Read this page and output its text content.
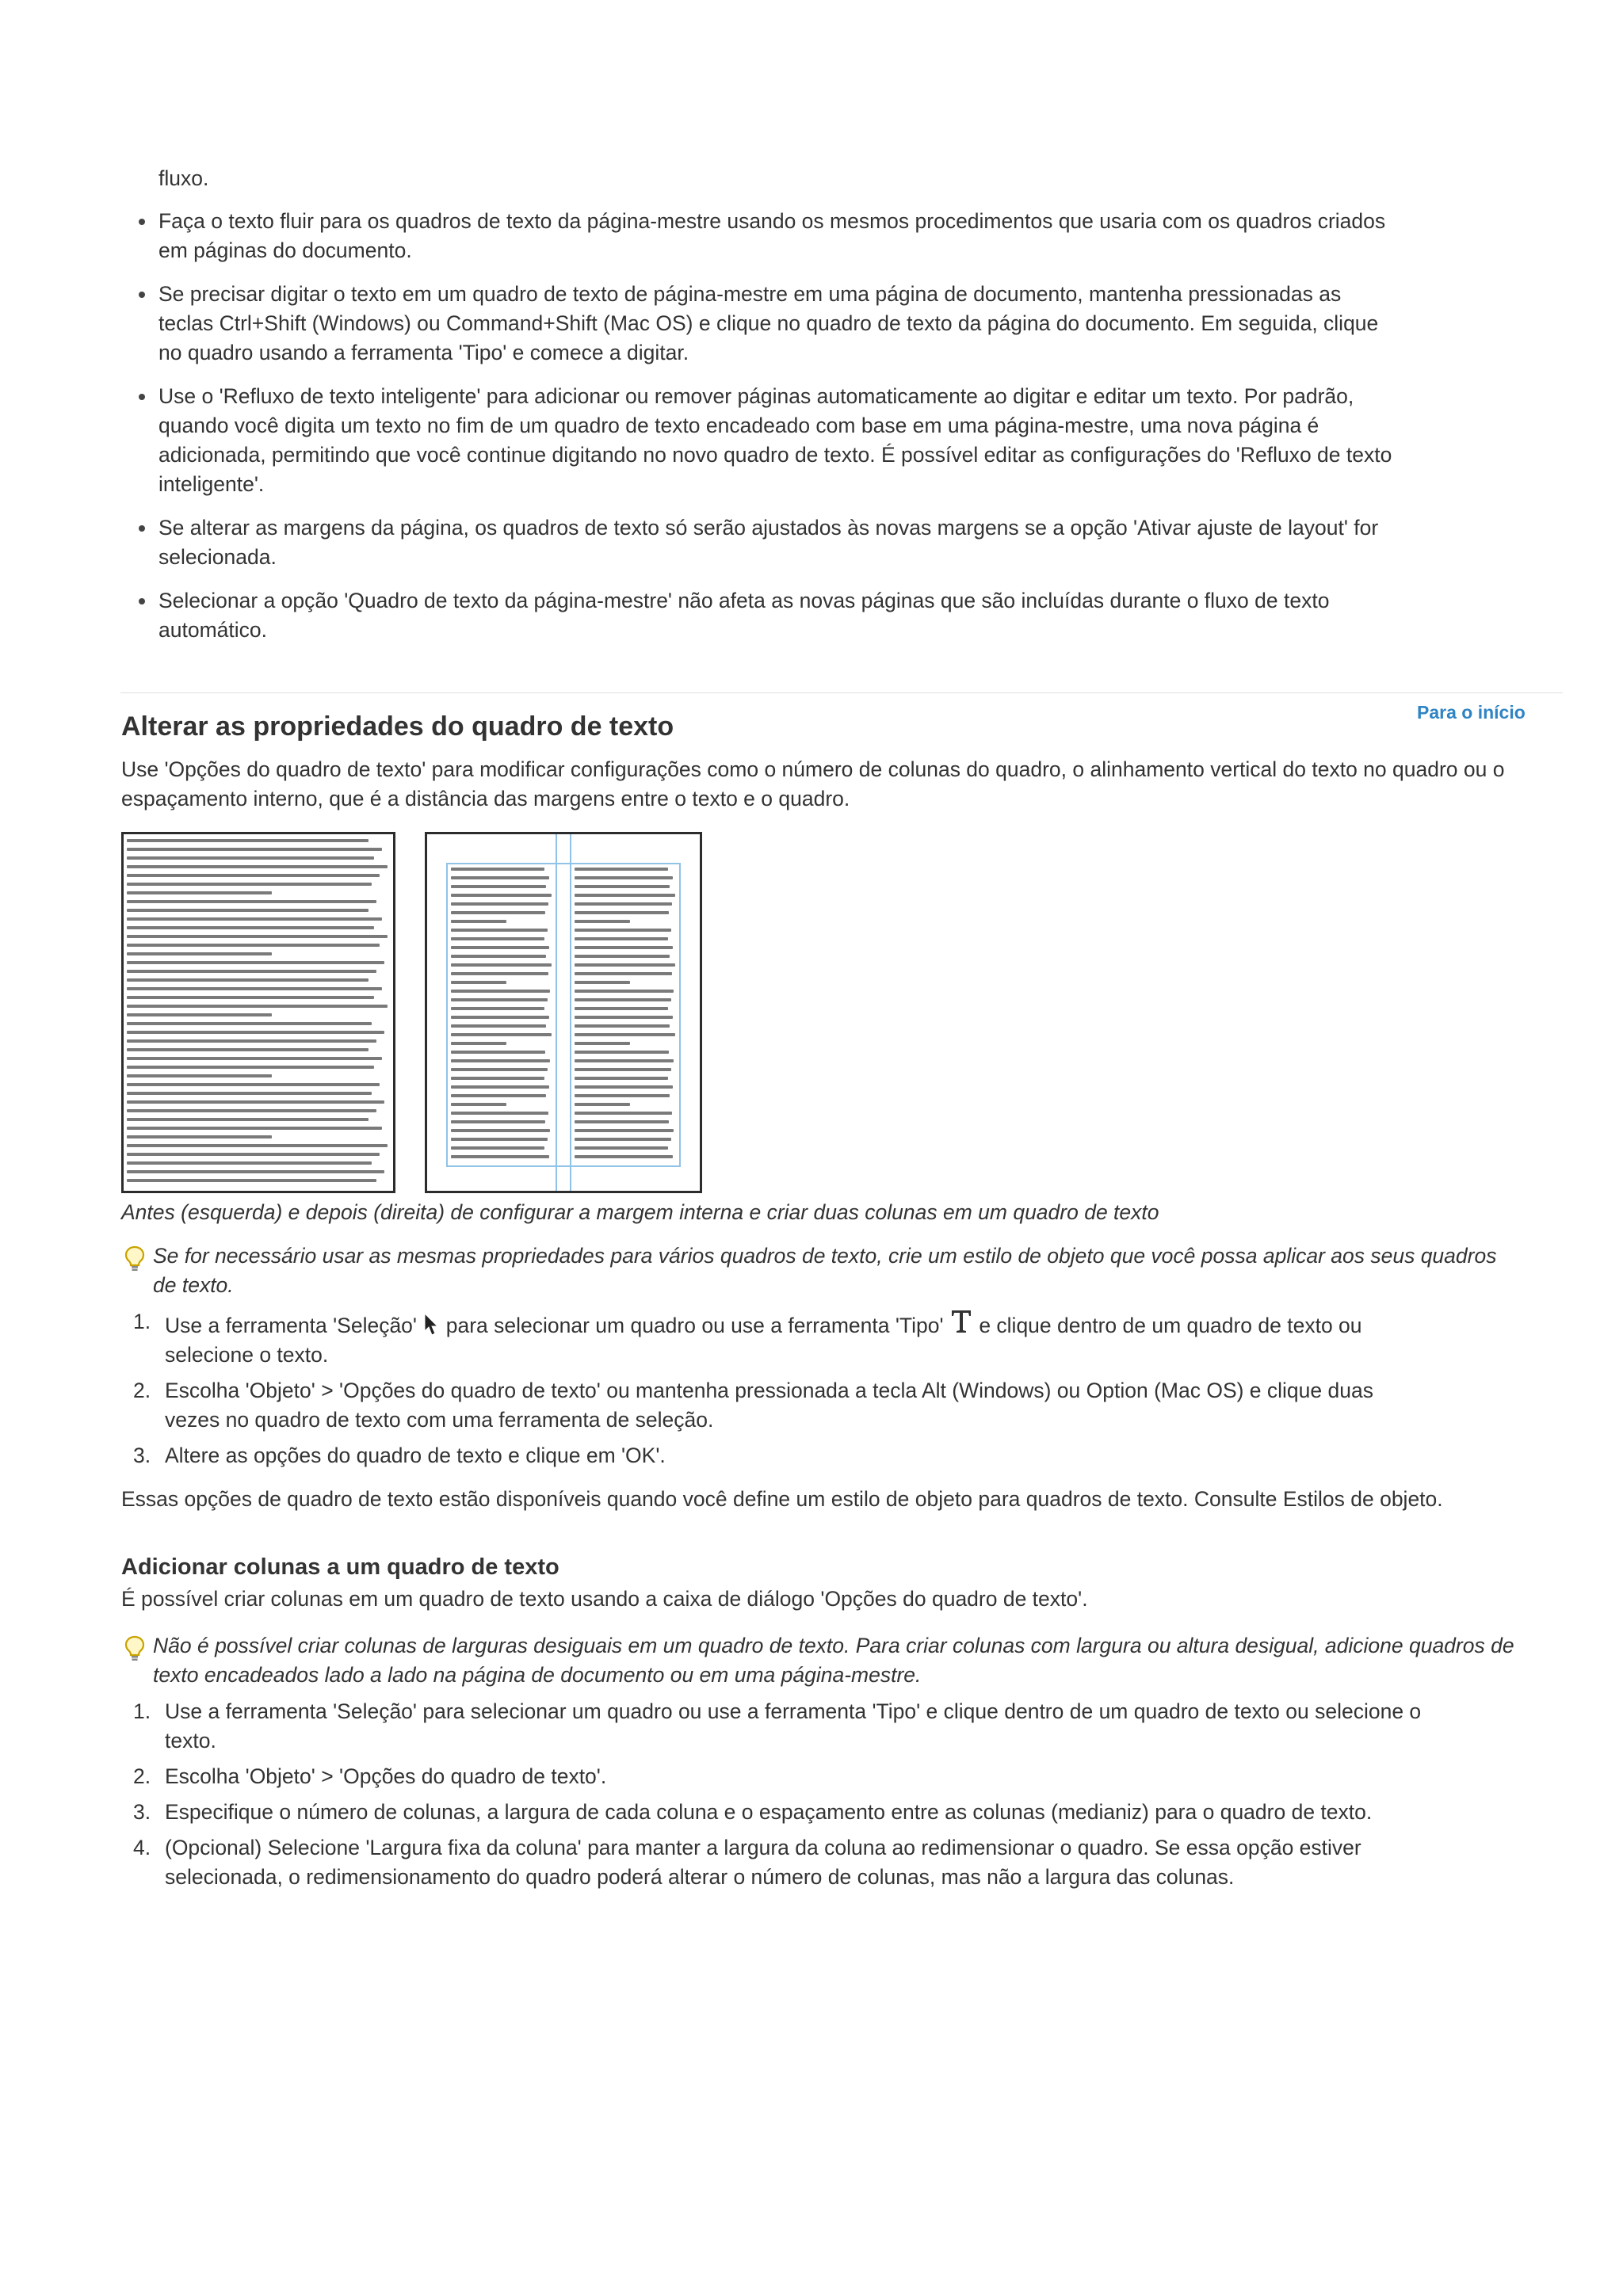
fluxo.
Faça o texto fluir para os quadros de texto da página-mestre usando os mesmos procedimentos que usaria com os quadros criados em páginas do documento.
Se precisar digitar o texto em um quadro de texto de página-mestre em uma página de documento, mantenha pressionadas as teclas Ctrl+Shift (Windows) ou Command+Shift (Mac OS) e clique no quadro de texto da página do documento. Em seguida, clique no quadro usando a ferramenta 'Tipo' e comece a digitar.
Use o 'Refluxo de texto inteligente' para adicionar ou remover páginas automaticamente ao digitar e editar um texto. Por padrão, quando você digita um texto no fim de um quadro de texto encadeado com base em uma página-mestre, uma nova página é adicionada, permitindo que você continue digitando no novo quadro de texto. É possível editar as configurações do 'Refluxo de texto inteligente'.
Se alterar as margens da página, os quadros de texto só serão ajustados às novas margens se a opção 'Ativar ajuste de layout' for selecionada.
Selecionar a opção 'Quadro de texto da página-mestre' não afeta as novas páginas que são incluídas durante o fluxo de texto automático.
Para o início
Alterar as propriedades do quadro de texto

Use 'Opções do quadro de texto' para modificar configurações como o número de colunas do quadro, o alinhamento vertical do texto no quadro ou o espaçamento interno, que é a distância das margens entre o texto e o quadro.

Antes (esquerda) e depois (direita) de configurar a margem interna e criar duas colunas em um quadro de texto
Se for necessário usar as mesmas propriedades para vários quadros de texto, crie um estilo de objeto que você possa aplicar aos seus quadros de texto.
1. Use a ferramenta 'Seleção' para selecionar um quadro ou use a ferramenta 'Tipo' e clique dentro de um quadro de texto ou selecione o texto.
2. Escolha 'Objeto' > 'Opções do quadro de texto' ou mantenha pressionada a tecla Alt (Windows) ou Option (Mac OS) e clique duas vezes no quadro de texto com uma ferramenta de seleção.
3. Altere as opções do quadro de texto e clique em 'OK'.

Essas opções de quadro de texto estão disponíveis quando você define um estilo de objeto para quadros de texto. Consulte Estilos de objeto.

Adicionar colunas a um quadro de texto

É possível criar colunas em um quadro de texto usando a caixa de diálogo 'Opções do quadro de texto'.

Não é possível criar colunas de larguras desiguais em um quadro de texto. Para criar colunas com largura ou altura desigual, adicione quadros de texto encadeados lado a lado na página de documento ou em uma página-mestre.
1. Use a ferramenta 'Seleção' para selecionar um quadro ou use a ferramenta 'Tipo' e clique dentro de um quadro de texto ou selecione o texto.
2. Escolha 'Objeto' > 'Opções do quadro de texto'.
3. Especifique o número de colunas, a largura de cada coluna e o espaçamento entre as colunas (medianiz) para o quadro de texto.
4. (Opcional) Selecione 'Largura fixa da coluna' para manter a largura da coluna ao redimensionar o quadro. Se essa opção estiver selecionada, o redimensionamento do quadro poderá alterar o número de colunas, mas não a largura das colunas.
